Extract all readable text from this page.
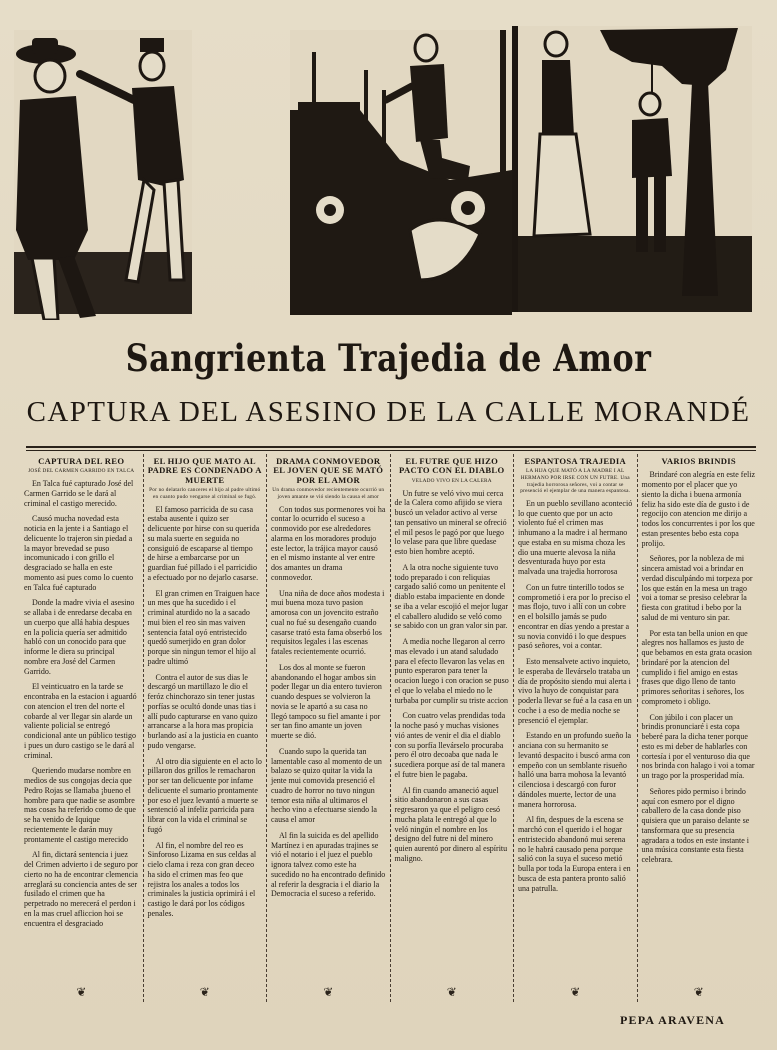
Sangrienta Trajedia de Amor
CAPTURA DEL ASESINO DE LA CALLE MORANDÉ
CAPTURA DEL REO
JOSÉ DEL CARMEN GARRIDO EN TALCA

En Talca fué capturado José del Carmen Garrido se le dará al criminal el castigo merecido.

Causó mucha novedad esta noticia en la jente i a Santiago el delicuente lo trajeron sin piedad a la mayor brevedad se puso incomunicado i con grillo el desgraciado se halla en este momento asi pues como lo cuento en Talca fué capturado

Donde la madre vivia el asesino se allaba i de enredarse decaba en un cuerpo que allá habia despues en la policia quería ser admitido habló con un conocido para que informe le diera su principal nombre era José del Carmen Garrido.

El veinticuatro en la tarde se encontraba en la estacion i aguardó con atencion el tren del norte el cobarde al ver llegar sin alarde un valiente policial se entregó condicional ante un público testigo i pues un duro castigo se le dará al criminal.

Queriendo mudarse nombre en medios de sus congojas decia que Pedro Rojas se llamaba ¡bueno el hombre para que nadie se asombre mas cosas ha referido como de que se ha venido de Iquique recientemente le darán muy prontamente el castigo merecido

Al fin, dictará sentencia i juez del Crimen advierto i de seguro por cierto no ha de encontrar clemencia arreglará su conciencia antes de ser fusilado el crimen que ha perpetrado no merecerá el perdon i en la mas cruel afliccion hoi se encuentra el desgraciado

❦
EL HIJO QUE MATO AL PADRE ES CONDENADO A MUERTE
Por no delatarlo canceres el hijo al padre ultimó en cuanto pudo vengarse al criminal se fugó.

El famoso parricida de su casa estaba ausente i quizo ser delicuente por hirse con su querida su mala suerte en seguida no consiguió de escaparse al tiempo de hirse a embarcarse por un guardian fué pillado i el parricidio a efectuado por no dejarlo casarse.

El gran crimen en Traiguen hace un mes que ha sucedido i el criminal aturdido no la a sacado mui bien el reo sin mas vaiven sentencia fatal oyó entristecido quedó sumerjido en gran dolor porque sin ningun temor el hijo al padre ultimó

Contra el autor de sus dias le descargó un martillazo le dio el feróz chinchorazo sin tener justas porfías se ocultó donde unas tias i allí pudo capturarse en vano quizo arrancarse a la hora mas propicia burlando así a la justicia en cuanto pudo vengarse.

Al otro dia siguiente en el acto lo pillaron dos grillos le remacharon por ser tan delicuente por infame delicuente el sumario prontamente por eso el juez levantó a muerte se sentenció al infeliz parricida para librar con la vida el criminal se fugó

Al fin, el nombre del reo es Sinforoso Lizama en sus celdas al cielo clama i reza con gran deceo ha sido el crimen mas feo que rejistra los anales a todos los criminales la justicia oprimirá i el castigo le dará por los códigos penales.

❦
DRAMA CONMOVEDOR EL JOVEN QUE SE MATÓ POR EL AMOR
Un drama conmovedor recientemente ocurrió un joven amante se vió siendo la causa el amor

Con todos sus pormenores voi ha contar lo ocurrido el suceso a conmovido por ese alrededores alarma en los moradores produjo este lector, la trájica mayor causó en el mismo instante al ver entre dos amantes un drama conmovedor.

Una niña de doce años modesta i mui buena moza tuvo pasion amorosa con un jovencito estraño cual no fué su desengaño cuando casarse trató esta fama obserbó los requisitos legales i las escenas fatales recientemente ocurrió.

Los dos al monte se fueron abandonando el hogar ambos sin poder llegar un dia entero tuvieron cuando despues se volvieron la novia se le apartó a su casa no llegó tampoco su fiel amante i por ser tan fino amante un joven muerte se dió.

Cuando supo la querida tan lamentable caso al momento de un balazo se quizo quitar la vida la jente mui comovida presenció el cuadro de horror no tuvo ningun temor esta niña al ultimaros el hecho vino a efectuarse siendo la causa el amor

Al fin la suicida es del apellido Martínez i en apuradas trajines se vió el notario i el juez el pueblo ignora talvez como este ha sucedido no ha encontrado definido al referir la desgracia i el diario la Democracia el suceso a referido.

❦
EL FUTRE QUE HIZO PACTO CON EL DIABLO
VELADO VIVO EN LA CALERA

Un futre se veló vivo mui cerca de la Calera como afijido se viera buscó un velador activo al verse tan pensativo un mineral se ofreció el mil pesos le pagó por que luego lo velase para que libre quedase esto bien hombre aceptó.

A la otra noche siguiente tuvo todo preparado i con reliquias cargado salió como un penitente el diablo estaba impaciente en donde se iba a velar escojió el mejor lugar el caballero aludido se veló como se sabido con un gran valor sin par.

A media noche llegaron al cerro mas elevado i un atand saludado para el efecto llevaron las velas en punto esperaron para tener la ocacion luego i con oracion se puso el que lo velaba el miedo no le turbaba por cumplir su triste accion

Con cuatro velas prendidas toda la noche pasó y muchas visiones vió antes de venir el dia el diablo con su porfía llevárselo procuraba pero él otro decoaba que nada le sucediera porque así de tal manera el futre bien le pagaba.

Al fin cuando amaneció aquel sitio abandonaron a sus casas regresaron ya que el peligro cesó mucha plata le entregó al que lo veló ningún el nombre en los designo del futre ni del minero quien aurentó por dinero al espíritu maligno.

❦
ESPANTOSA TRAJEDIA
LA HIJA QUE MATÓ A LA MADRE I AL HERMANO POR IRSE CON UN FUTRE. Una trajedia horrorosa señores, voi a contar se presenció el ejemplar de una manera espantosa.

En un pueblo sevillano aconteció lo que cuento que por un acto violento fué el crimen mas inhumano a la madre i al hermano que estaba en su misma choza les dio una muerte alevosa la niña desventurada huyo por esta malvada una trajedia horrorosa

Con un futre tinterillo todos se comprometió i era por lo preciso el mas flojo, tuvo i allí con un cobre en el bolsillo jamás se pudo encontrar en días yendo a prestar a su novia convidó i lo que despues pasó señores, voi a contar.

Esto mensalvete activo inquieto, le esperaba de llevárselo trataba un día de propósito siendo mui alerta i vivo la huyo de conquistar para poderla llevar se fué a la casa en un coche i a eso de media noche se presenció el ejemplar.

Estando en un profundo sueño la anciana con su hermanito se levantó despacito i buscó arma con empeño con un semblante risueño halló una barra mohosa la levantó cilenciosa i descargó con furor dándoles muerte, lector de una manera horrorosa.

Al fin, despues de la escena se marchó con el querido i el hogar entristecido abandonó mui serena no le habrá causado pena porque salió con la suya el suceso metió bulla por toda la Europa entera i en busca de esta pantera pronto salió una patrulla.

❦
VARIOS BRINDIS

Brindaré con alegría en este feliz momento por el placer que yo siento la dicha i buena armonía feliz ha sido este día de gusto i de regocijo con atencion me dirijo a todos los concurrentes i por los que estan presentes bebo esta copa prolijo.

Señores, por la nobleza de mi sincera amistad voi a brindar en verdad disculpándo mi torpeza por los que están en la mesa un trago voi a tomar se presiso celebrar la fiesta con gratitud i bebo por la salud de mi venturo sin par.

Por esta tan bella union en que alegres nos hallamos es justo de que bebamos en esta grata ocasion brindaré por la atencion del cumplido i fiel amigo en estas frases que digo lleno de tanto primores señoritas i señores, los comprometo i obligo.

Con júbilo i con placer un brindis pronunciaré i esta copa beberé para la dicha tener porque esto es mi deber de hablarles con cortesía i por el venturoso dia que nos brinda con halago i voi a tomar un trago por la prosperidad mía.

Señores pido permiso i brindo aquí con esmero por el digno caballero de la casa donde piso quisiera que un paraiso delante se tansformara que su presencia agradara a todos en este instante i una música constante esta fiesta celebrara.

❦
PEPA ARAVENA
